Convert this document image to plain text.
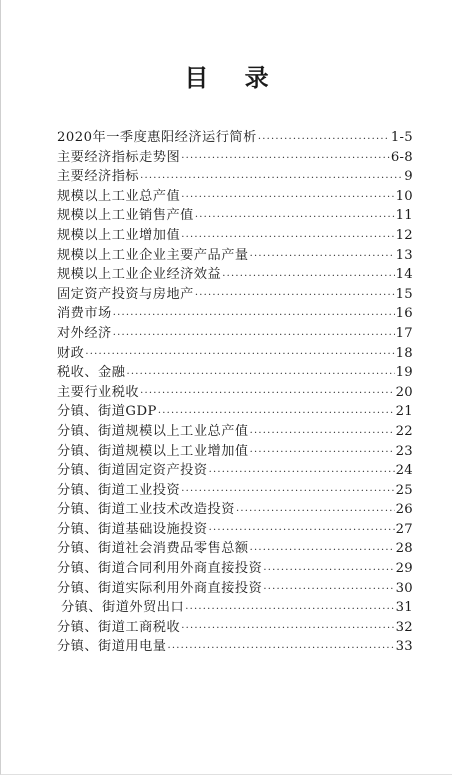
目 录
2020年一季度惠阳经济运行简析 ·····	1-5
主要经济指标走势图 ·····	6-8
主要经济指标 ·····	9
规模以上工业总产值 ·····	10
规模以上工业销售产值 ·····	11
规模以上工业增加值 ·····	12
规模以上工业企业主要产品产量 ·····	13
规模以上工业企业经济效益 ·····	14
固定资产投资与房地产 ·····	15
消费市场 ·····	16
对外经济 ·····	17
财政 ·····	18
税收、金融 ·····	19
主要行业税收 ·····	20
分镇、街道GDP ·····	21
分镇、街道规模以上工业总产值 ·····	22
分镇、街道规模以上工业增加值 ·····	23
分镇、街道固定资产投资 ·····	24
分镇、街道工业投资 ·····	25
分镇、街道工业技术改造投资 ·····	26
分镇、街道基础设施投资 ·····	27
分镇、街道社会消费品零售总额 ·····	28
分镇、街道合同利用外商直接投资 ·····	29
分镇、街道实际利用外商直接投资 ·····	30
分镇、街道外贸出口 ·····	31
分镇、街道工商税收 ·····	32
分镇、街道用电量 ·····	33
